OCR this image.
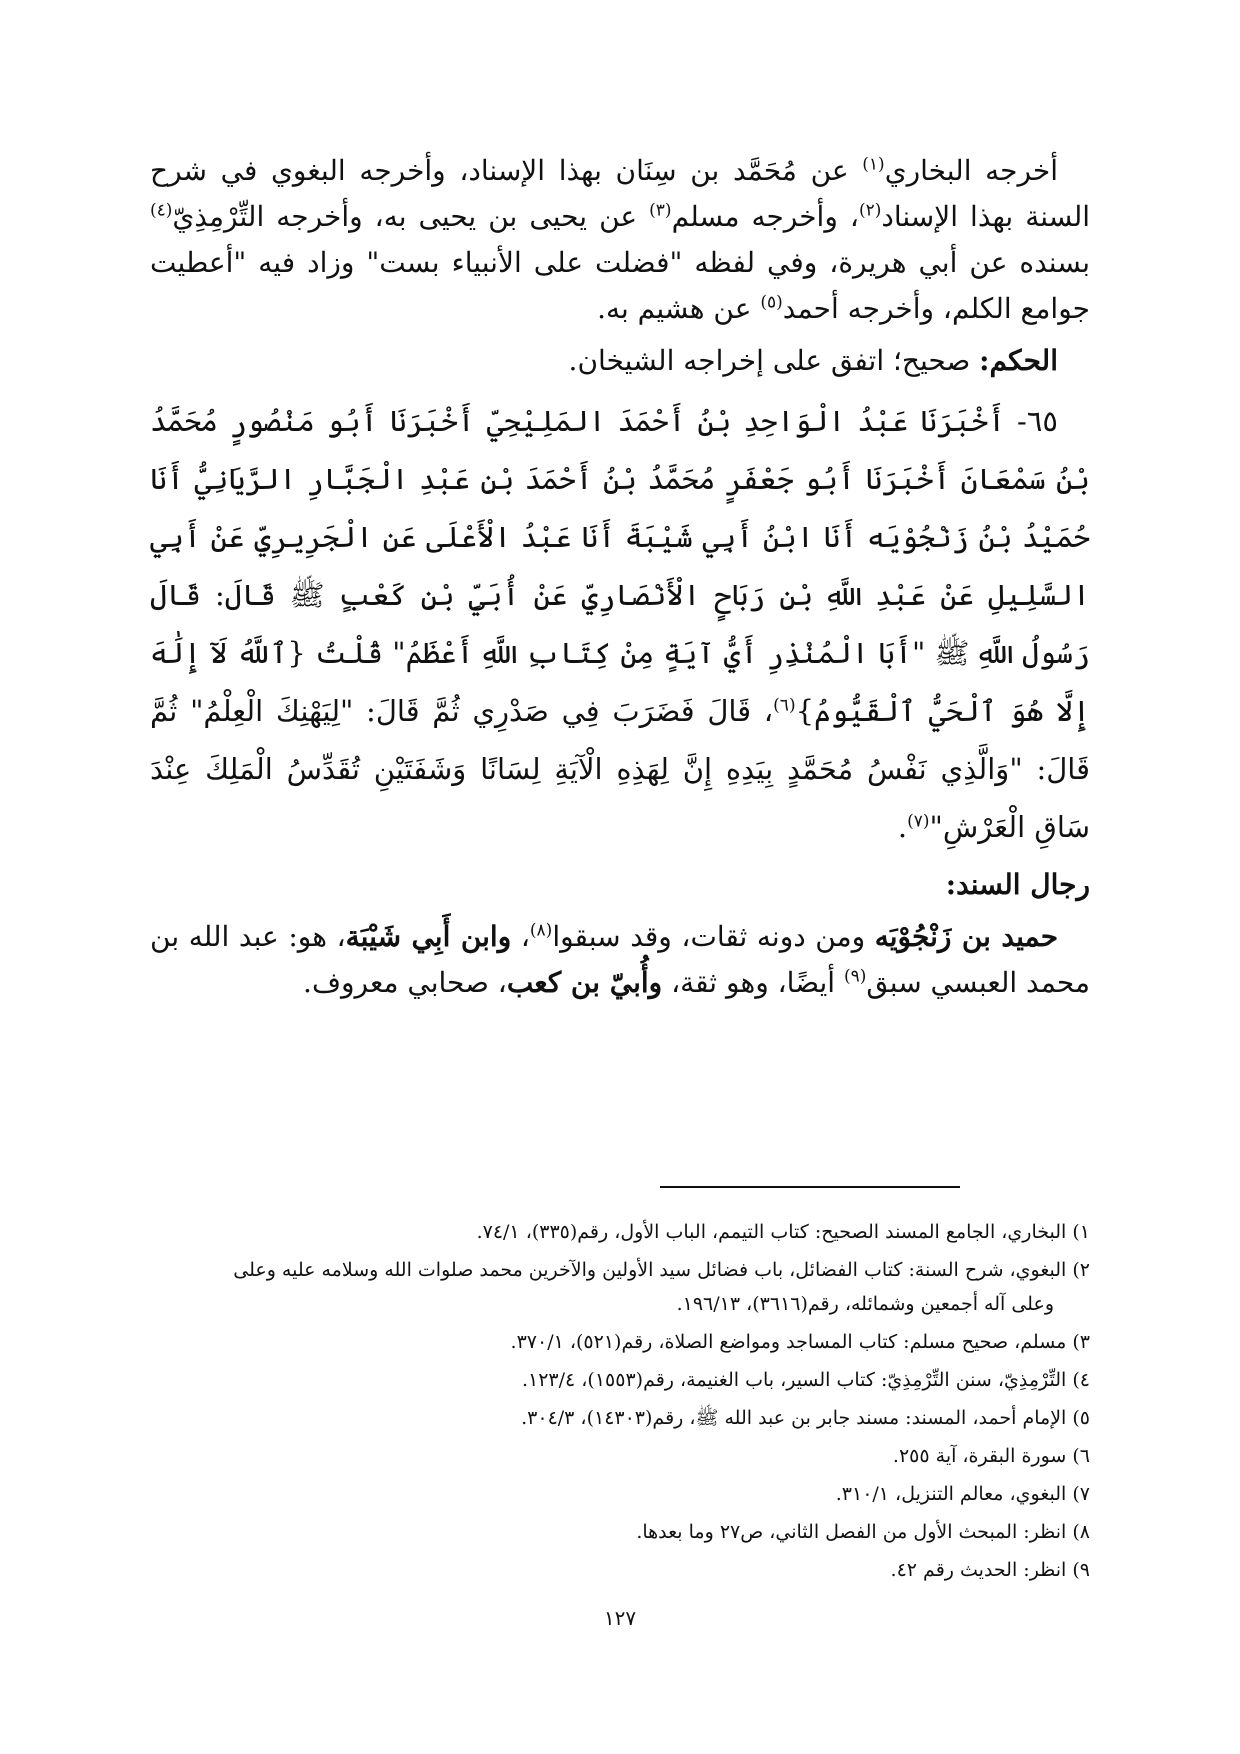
أخرجه البخاري$^{(١)}$ عن مُحَمَّد بن سِنَان بهذا الإسناد، وأخرجه البغوي في شرح السنة بهذا الإسناد$^{(٢)}$، وأخرجه مسلم$^{(٣)}$ عن يحيى بن يحيى به، وأخرجه التِّرْمِذِيّ$^{(٤)}$ بسنده عن أبي هريرة، وفي لفظه "فضلت على الأنبياء بست" وزاد فيه "أعطيت جوامع الكلم، وأخرجه أحمد$^{(٥)}$ عن هشيم به.

الحكم: صحيح؛ اتفق على إخراجه الشيخان.

٦٥- أَخْبَرَنَا عَبْدُ الْوَاحِدِ بْنُ أَحْمَدَ المَلِيْحِيّ أَخْبَرَنَا أَبُو مَنْصُورٍ مُحَمَّدُ بْنُ سَمْعَانَ أَخْبَرَنَا أَبُو جَعْفَرٍ مُحَمَّدُ بْنُ أَحْمَدَ بْنِ عَبْدِ الْجَبَّارِ الرَّيَانِيُّ أَنَا حُمَيْدُ بْنُ زَنْجُوْيَه أَنَا ابْنُ أَبِي شَيْبَةَ أَنَا عَبْدُ الْأَعْلَى عَنِ الْجَرِيرِيِّ عَنْ أَبِي السَّلِيلِ عَنْ عَبْدِ اللَّهِ بْنِ رَبَاحٍ الْأَنْصَارِيِّ عَنْ أُبَيِّ بْنِ كَعْبٍ ﷺ قَالَ: قَالَ رَسُولُ اللَّهِ ﷺ "أَبَا الْمُنْذِرِ أَيُّ آيَةٍ مِنْ كِتَابِ اللَّهِ أَعْظَمُ" قُلْتُ {ٱللَّهُ لَآ إِلَٰهَ إِلَّا هُوَ ٱلْحَيُّ ٱلْقَيُّومُ}$^{(٦)}$، قَالَ فَضَرَبَ فِي صَدْرِي ثُمَّ قَالَ: "لِيَهْنِكَ الْعِلْمُ" ثُمَّ قَالَ: "وَالَّذِي نَفْسُ مُحَمَّدٍ بِيَدِهِ إِنَّ لِهَذِهِ الْآيَةِ لِسَانًا وَشَفَتَيْنِ تُقَدِّسُ الْمَلِكَ عِنْدَ سَاقِ الْعَرْشِ"$^{(٧)}$.

رجال السند:

حميد بن زَنْجُوْيَه ومن دونه ثقات، وقد سبقوا$^{(٨)}$، وابن أَبِي شَيْبَة، هو: عبد الله بن محمد العبسي سبق$^{(٩)}$ أيضًا، وهو ثقة، وأُبيّ بن كعب، صحابي معروف.

١) البخاري، الجامع المسند الصحيح: كتاب التيمم، الباب الأول، رقم(٣٣٥)، ٧٤/١.
٢) البغوي، شرح السنة: كتاب الفضائل، باب فضائل سيد الأولين والآخرين محمد صلوات الله وسلامه عليه وعلى
وعلى آله أجمعين وشمائله، رقم(٣٦١٦)، ١٩٦/١٣.
٣) مسلم، صحيح مسلم: كتاب المساجد ومواضع الصلاة، رقم(٥٢١)، ٣٧٠/١.
٤) التِّرْمِذِيّ، سنن التِّرْمِذِيّ: كتاب السير، باب الغنيمة، رقم(١٥٥٣)، ١٢٣/٤.
٥) الإمام أحمد، المسند: مسند جابر بن عبد الله ﷺ، رقم(١٤٣٠٣)، ٣٠٤/٣.
٦) سورة البقرة، آية ٢٥٥.
٧) البغوي، معالم التنزيل، ٣١٠/١.
٨) انظر: المبحث الأول من الفصل الثاني، ص٢٧ وما بعدها.
٩) انظر: الحديث رقم ٤٢.
١٢٧
